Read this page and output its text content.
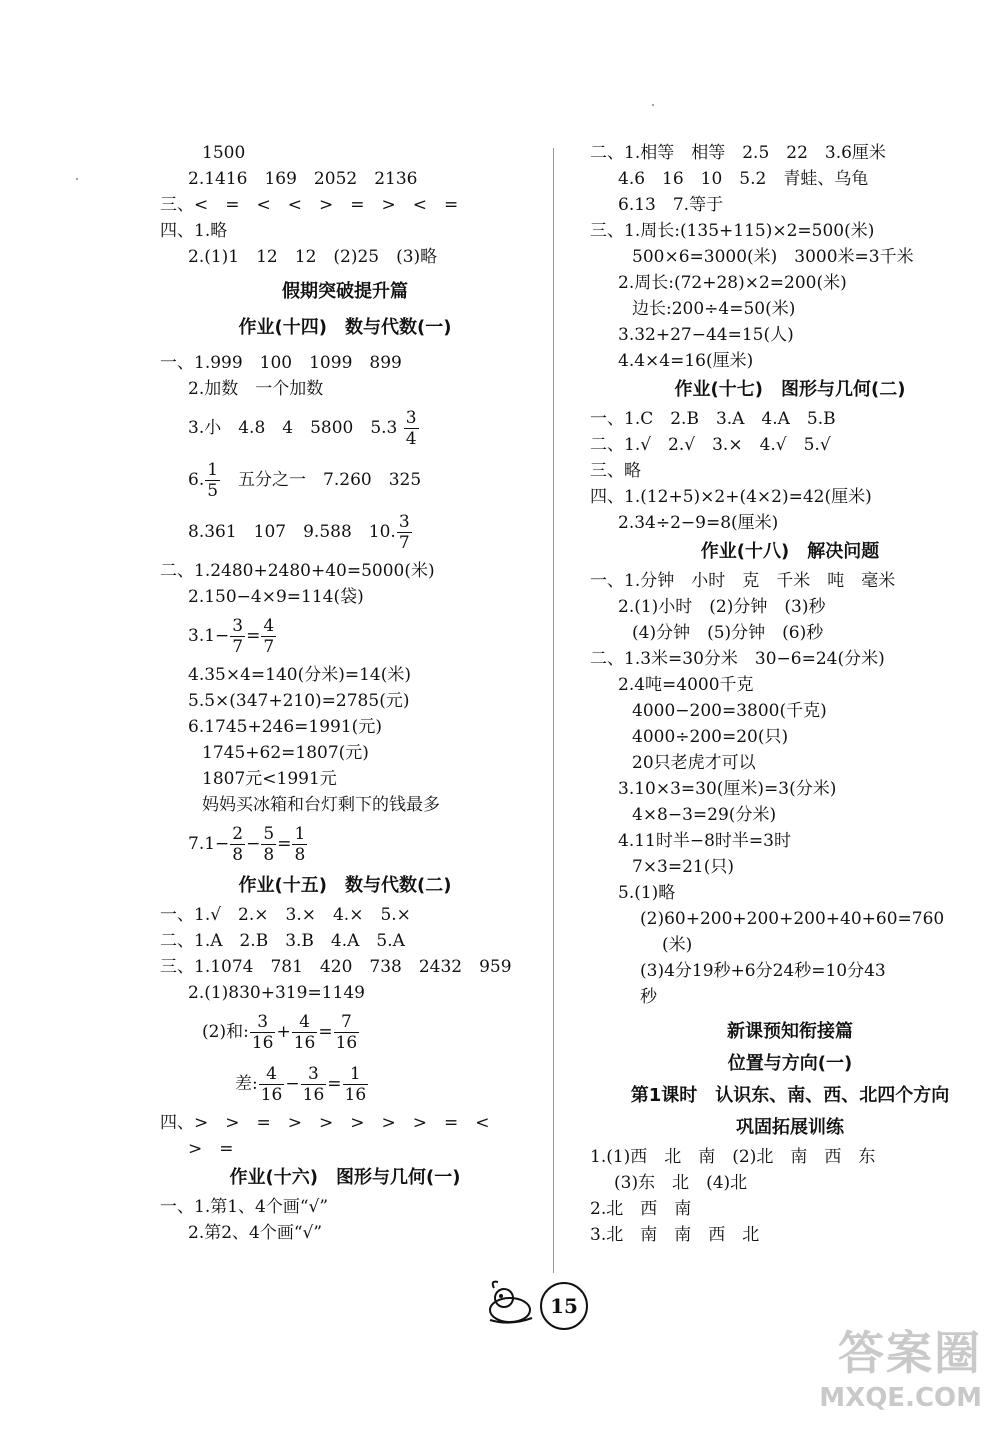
1500
2.1416　169　2052　2136
三、<　=　<　<　>　=　>　<　=
四、1.略
2.(1)1　12　12　(2)25　(3)略
假期突破提升篇
作业(十四)　数与代数(一)
一、1.999　100　1099　899
2.加数　一个加数
3.小　4.8　4　5800　$5.3 \frac{3}{4}$
6. $\frac{1}{5}$ 　五分之一　7.260　325
8.361　107　9.588　10. $\frac{3}{7}$
二、1.2480+2480+40=5000(米)
2.150−4×9=114(袋)
$3.1- \frac{3}{7} = \frac{4}{7}$
4.35×4=140(分米)=14(米)
5.5×(347+210)=2785(元)
6.1745+246=1991(元)
1745+62=1807(元)
1807元<1991元
妈妈买冰箱和台灯剩下的钱最多
$7.1- \frac{2}{8} - \frac{5}{8} = \frac{1}{8}$
作业(十五)　数与代数(二)
一、1.√　2.×　3.×　4.×　5.×
二、1.A　2.B　3.B　4.A　5.A
三、1.1074　781　420　738　2432　959
2.(1)830+319=1149
(2)和: $\frac{3}{16} + \frac{4}{16} = \frac{7}{16}$
差: $\frac{4}{16} - \frac{3}{16} = \frac{1}{16}$
四、>　>　=　>　>　>　>　>　=　<
>　=
作业(十六)　图形与几何(一)
一、1.第1、4个画“√”
2.第2、4个画“√”
二、1.相等　相等　2.5　22　3.6厘米
4.6　16　10　5.2　青蛙、乌龟
6.13　7.等于
三、1.周长:(135+115)×2=500(米)
500×6=3000(米)　3000米=3千米
2.周长:(72+28)×2=200(米)
边长:200÷4=50(米)
3.32+27−44=15(人)
4.4×4=16(厘米)
作业(十七)　图形与几何(二)
一、1.C　2.B　3.A　4.A　5.B
二、1.√　2.√　3.×　4.√　5.√
三、略
四、1.(12+5)×2+(4×2)=42(厘米)
2.34÷2−9=8(厘米)
作业(十八)　解决问题
一、1.分钟　小时　克　千米　吨　毫米
2.(1)小时　(2)分钟　(3)秒
(4)分钟　(5)分钟　(6)秒
二、1.3米=30分米　30−6=24(分米)
2.4吨=4000千克
4000−200=3800(千克)
4000÷200=20(只)
20只老虎才可以
3.10×3=30(厘米)=3(分米)
4×8−3=29(分米)
4.11时半−8时半=3时
7×3=21(只)
5.(1)略
(2)60+200+200+200+40+60=760
(米)
(3)4分19秒+6分24秒=10分43
秒
新课预知衔接篇
位置与方向(一)
第1课时　认识东、南、西、北四个方向
巩固拓展训练
1.(1)西　北　南　(2)北　南　西　东
(3)东　北　(4)北
2.北　西　南
3.北　南　南　西　北
15
答案圈
MXQE.COM
